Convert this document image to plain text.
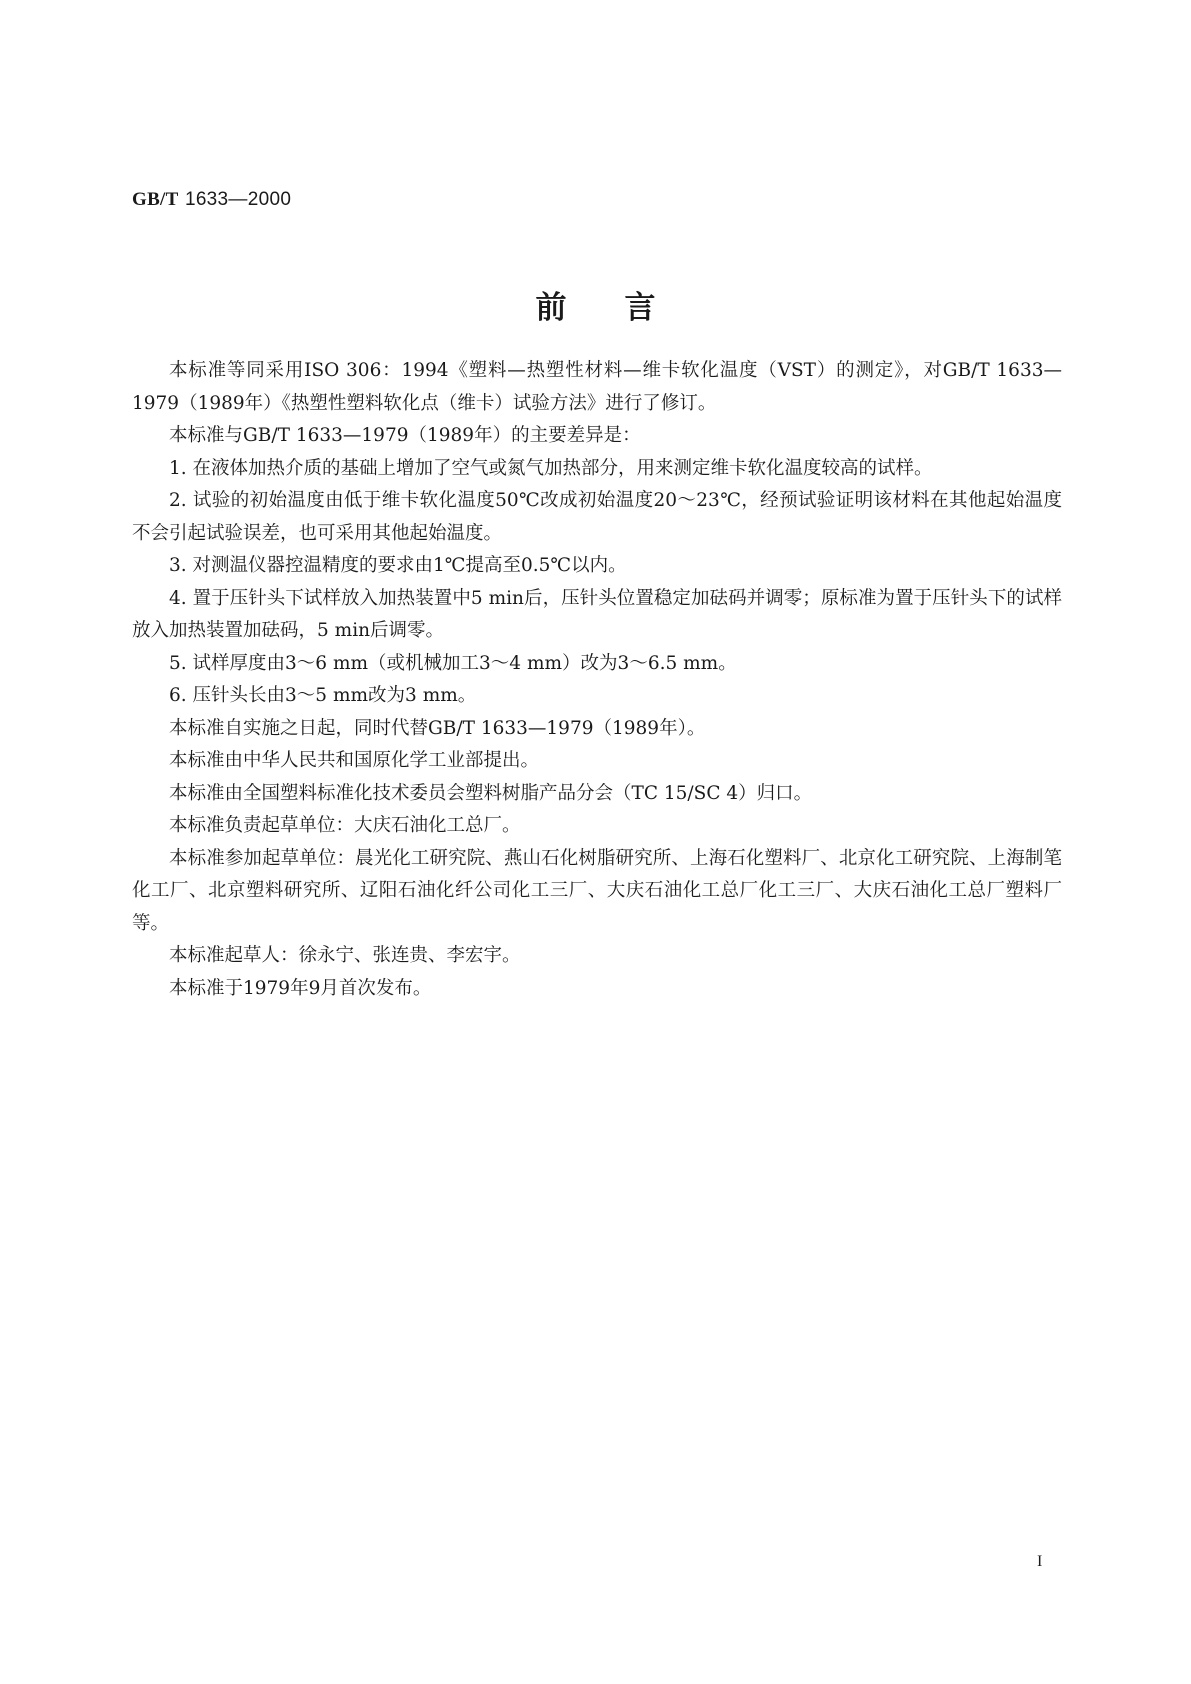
GB/T 1633—2000
前言

本标准等同采用ISO 306：1994《塑料—热塑性材料—维卡软化温度（VST）的测定》，对GB/T 1633—1979（1989年）《热塑性塑料软化点（维卡）试验方法》进行了修订。

本标准与GB/T 1633—1979（1989年）的主要差异是：

1. 在液体加热介质的基础上增加了空气或氮气加热部分，用来测定维卡软化温度较高的试样。

2. 试验的初始温度由低于维卡软化温度50℃改成初始温度20～23℃，经预试验证明该材料在其他起始温度不会引起试验误差，也可采用其他起始温度。

3. 对测温仪器控温精度的要求由1℃提高至0.5℃以内。

4. 置于压针头下试样放入加热装置中5 min后，压针头位置稳定加砝码并调零；原标准为置于压针头下的试样放入加热装置加砝码，5 min后调零。

5. 试样厚度由3～6 mm（或机械加工3～4 mm）改为3～6.5 mm。

6. 压针头长由3～5 mm改为3 mm。

本标准自实施之日起，同时代替GB/T 1633—1979（1989年）。

本标准由中华人民共和国原化学工业部提出。

本标准由全国塑料标准化技术委员会塑料树脂产品分会（TC 15/SC 4）归口。

本标准负责起草单位：大庆石油化工总厂。

本标准参加起草单位：晨光化工研究院、燕山石化树脂研究所、上海石化塑料厂、北京化工研究院、上海制笔化工厂、北京塑料研究所、辽阳石油化纤公司化工三厂、大庆石油化工总厂化工三厂、大庆石油化工总厂塑料厂等。

本标准起草人：徐永宁、张连贵、李宏宇。

本标准于1979年9月首次发布。

I
